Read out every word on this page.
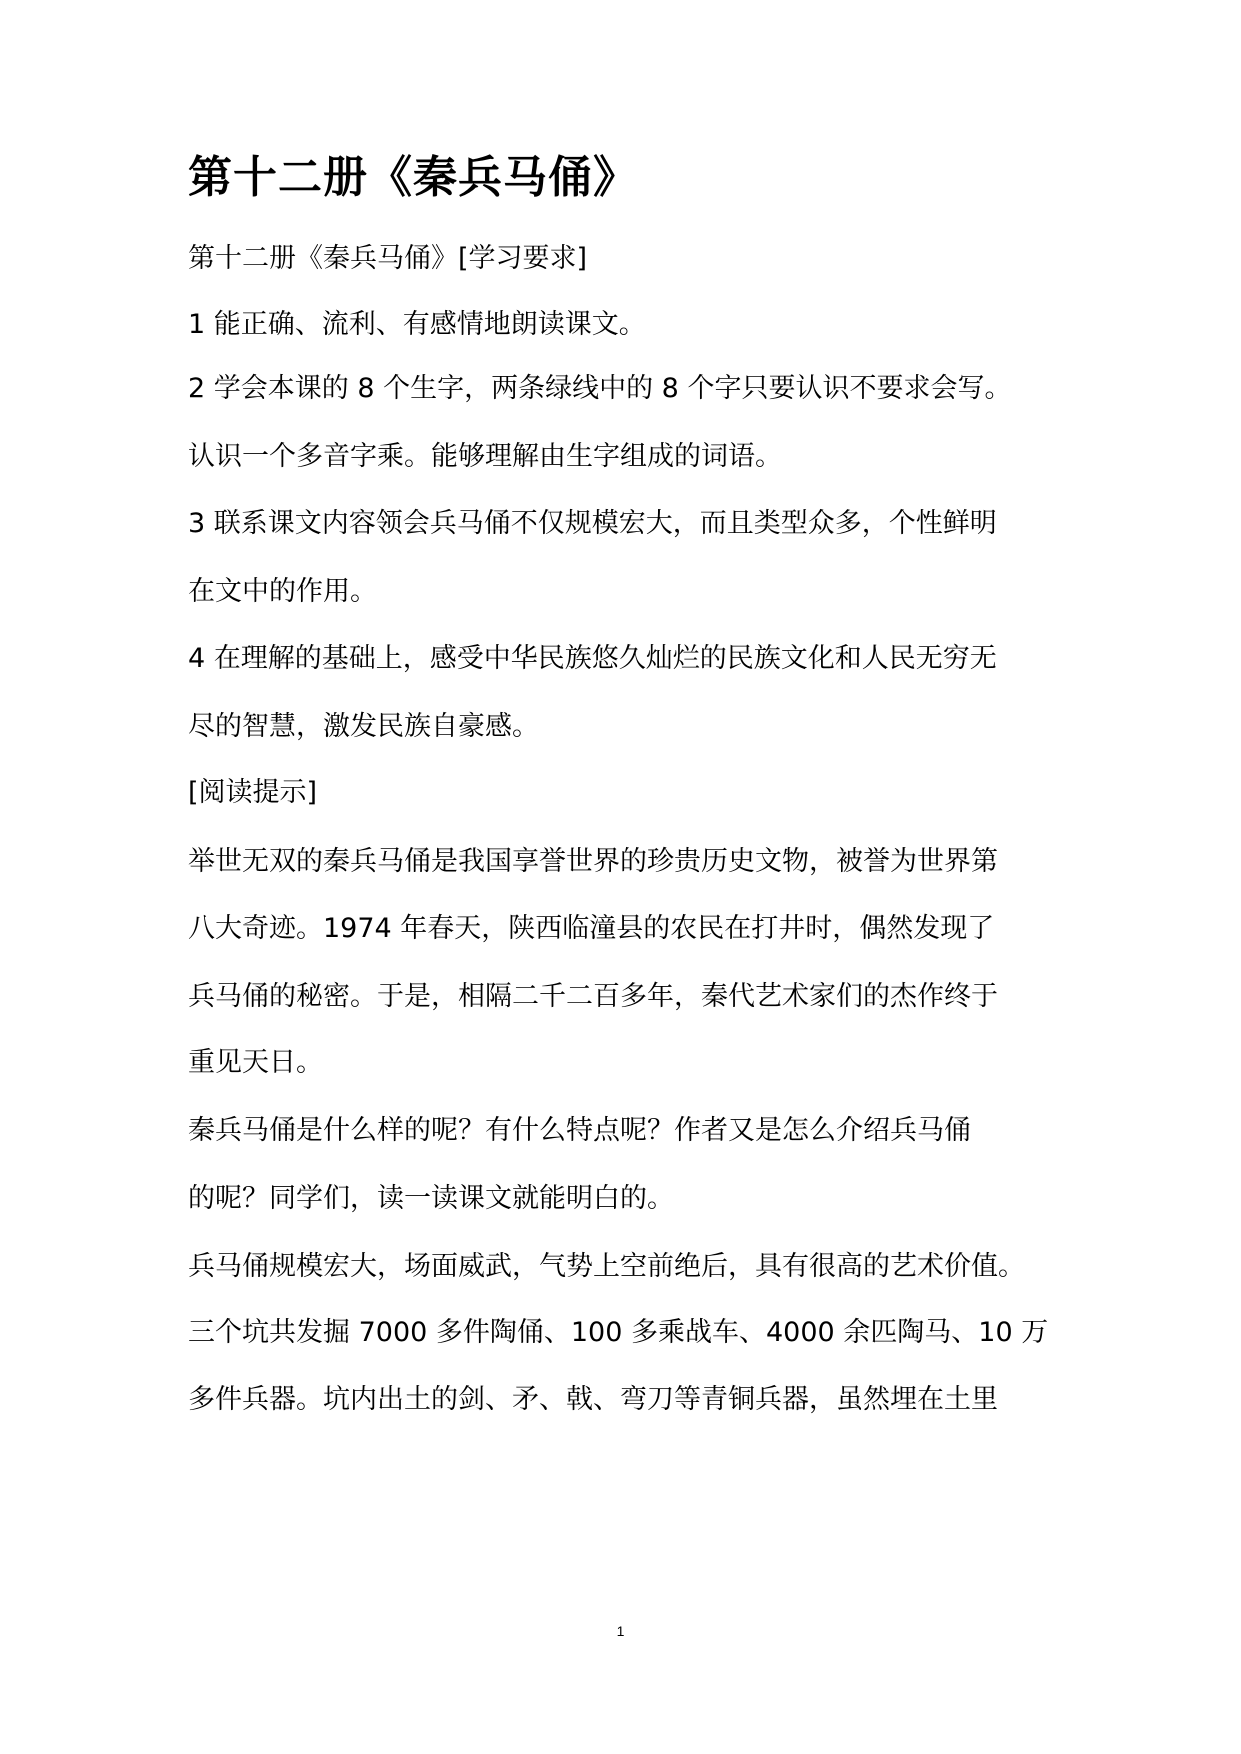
第十二册《秦兵马俑》
第十二册《秦兵马俑》[学习要求]
1 能正确、流利、有感情地朗读课文。
2 学会本课的 8 个生字，两条绿线中的 8 个字只要认识不要求会写。
认识一个多音字乘。能够理解由生字组成的词语。
3 联系课文内容领会兵马俑不仅规模宏大，而且类型众多，个性鲜明
在文中的作用。
4 在理解的基础上，感受中华民族悠久灿烂的民族文化和人民无穷无
尽的智慧，激发民族自豪感。
[阅读提示]
举世无双的秦兵马俑是我国享誉世界的珍贵历史文物，被誉为世界第
八大奇迹。1974 年春天，陕西临潼县的农民在打井时，偶然发现了
兵马俑的秘密。于是，相隔二千二百多年，秦代艺术家们的杰作终于
重见天日。
秦兵马俑是什么样的呢？有什么特点呢？作者又是怎么介绍兵马俑
的呢？同学们，读一读课文就能明白的。
兵马俑规模宏大，场面威武，气势上空前绝后，具有很高的艺术价值。
三个坑共发掘 7000 多件陶俑、100 多乘战车、4000 余匹陶马、10 万
多件兵器。坑内出土的剑、矛、戟、弯刀等青铜兵器，虽然埋在土里
1
